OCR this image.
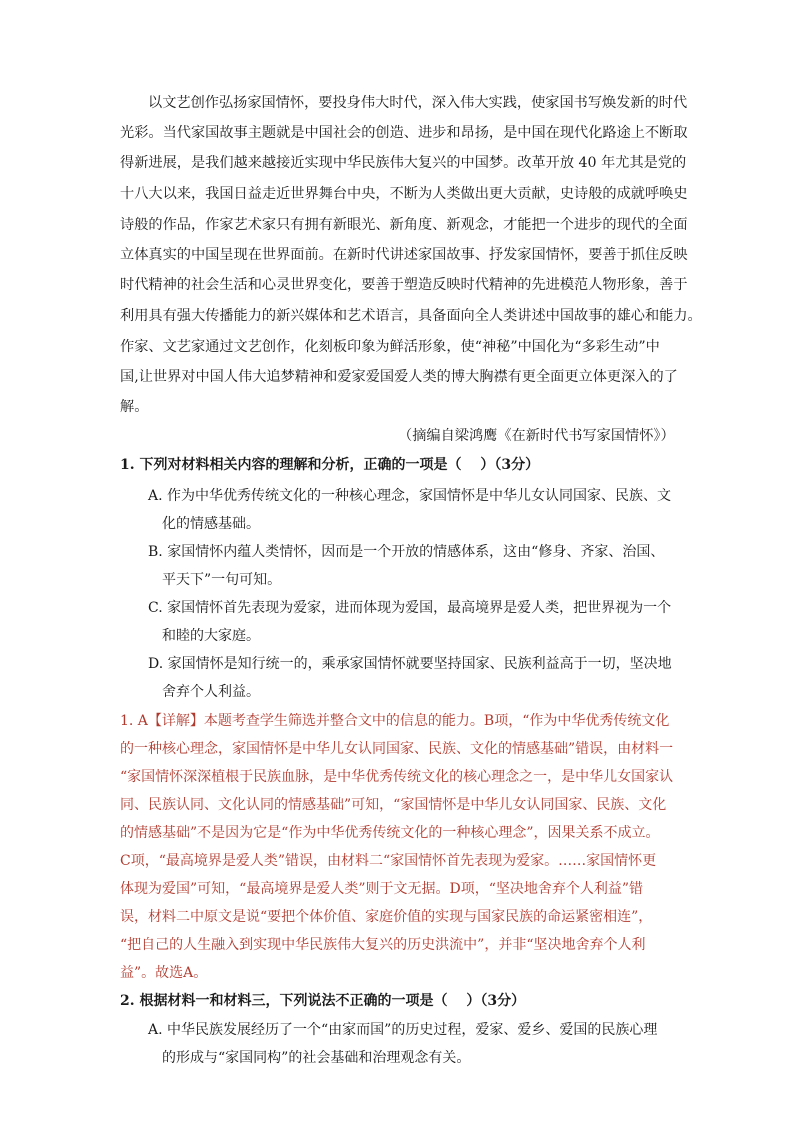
以文艺创作弘扬家国情怀，要投身伟大时代，深入伟大实践，使家国书写焕发新的时代
光彩。当代家国故事主题就是中国社会的创造、进步和昂扬，是中国在现代化路途上不断取
得新进展，是我们越来越接近实现中华民族伟大复兴的中国梦。改革开放 40 年尤其是党的
十八大以来，我国日益走近世界舞台中央，不断为人类做出更大贡献，史诗般的成就呼唤史
诗般的作品，作家艺术家只有拥有新眼光、新角度、新观念，才能把一个进步的现代的全面
立体真实的中国呈现在世界面前。在新时代讲述家国故事、抒发家国情怀，要善于抓住反映
时代精神的社会生活和心灵世界变化，要善于塑造反映时代精神的先进模范人物形象，善于
利用具有强大传播能力的新兴媒体和艺术语言，具备面向全人类讲述中国故事的雄心和能力。
作家、文艺家通过文艺创作，化刻板印象为鲜活形象，使“神秘”中国化为“多彩生动”中
国,让世界对中国人伟大追梦精神和爱家爱国爱人类的博大胸襟有更全面更立体更深入的了
解。
（摘编自梁鸿鹰《在新时代书写家国情怀》）
1. 下列对材料相关内容的理解和分析，正确的一项是（　 ）（3分）
A. 作为中华优秀传统文化的一种核心理念，家国情怀是中华儿女认同国家、民族、文
化的情感基础。
B. 家国情怀内蕴人类情怀，因而是一个开放的情感体系，这由“修身、齐家、治国、
平天下”一句可知。
C. 家国情怀首先表现为爱家，进而体现为爱国，最高境界是爱人类，把世界视为一个
和睦的大家庭。
D. 家国情怀是知行统一的，乘承家国情怀就要坚持国家、民族利益高于一切，坚决地
舍弃个人利益。
1. A【详解】本题考查学生筛选并整合文中的信息的能力。B项，“作为中华优秀传统文化
的一种核心理念，家国情怀是中华儿女认同国家、民族、文化的情感基础”错误，由材料一
“家国情怀深深植根于民族血脉，是中华优秀传统文化的核心理念之一，是中华儿女国家认
同、民族认同、文化认同的情感基础”可知，“家国情怀是中华儿女认同国家、民族、文化
的情感基础”不是因为它是“作为中华优秀传统文化的一种核心理念”，因果关系不成立。
C项，“最高境界是爱人类”错误，由材料二“家国情怀首先表现为爱家。……家国情怀更
体现为爱国”可知，“最高境界是爱人类”则于文无据。D项，“坚决地舍弃个人利益”错
误，材料二中原文是说“要把个体价值、家庭价值的实现与国家民族的命运紧密相连”，
“把自己的人生融入到实现中华民族伟大复兴的历史洪流中”，并非“坚决地舍弃个人利
益”。故选A。
2. 根据材料一和材料三，下列说法不正确的一项是（　 ）（3分）
A. 中华民族发展经历了一个“由家而国”的历史过程，爱家、爱乡、爱国的民族心理
的形成与“家国同构”的社会基础和治理观念有关。
